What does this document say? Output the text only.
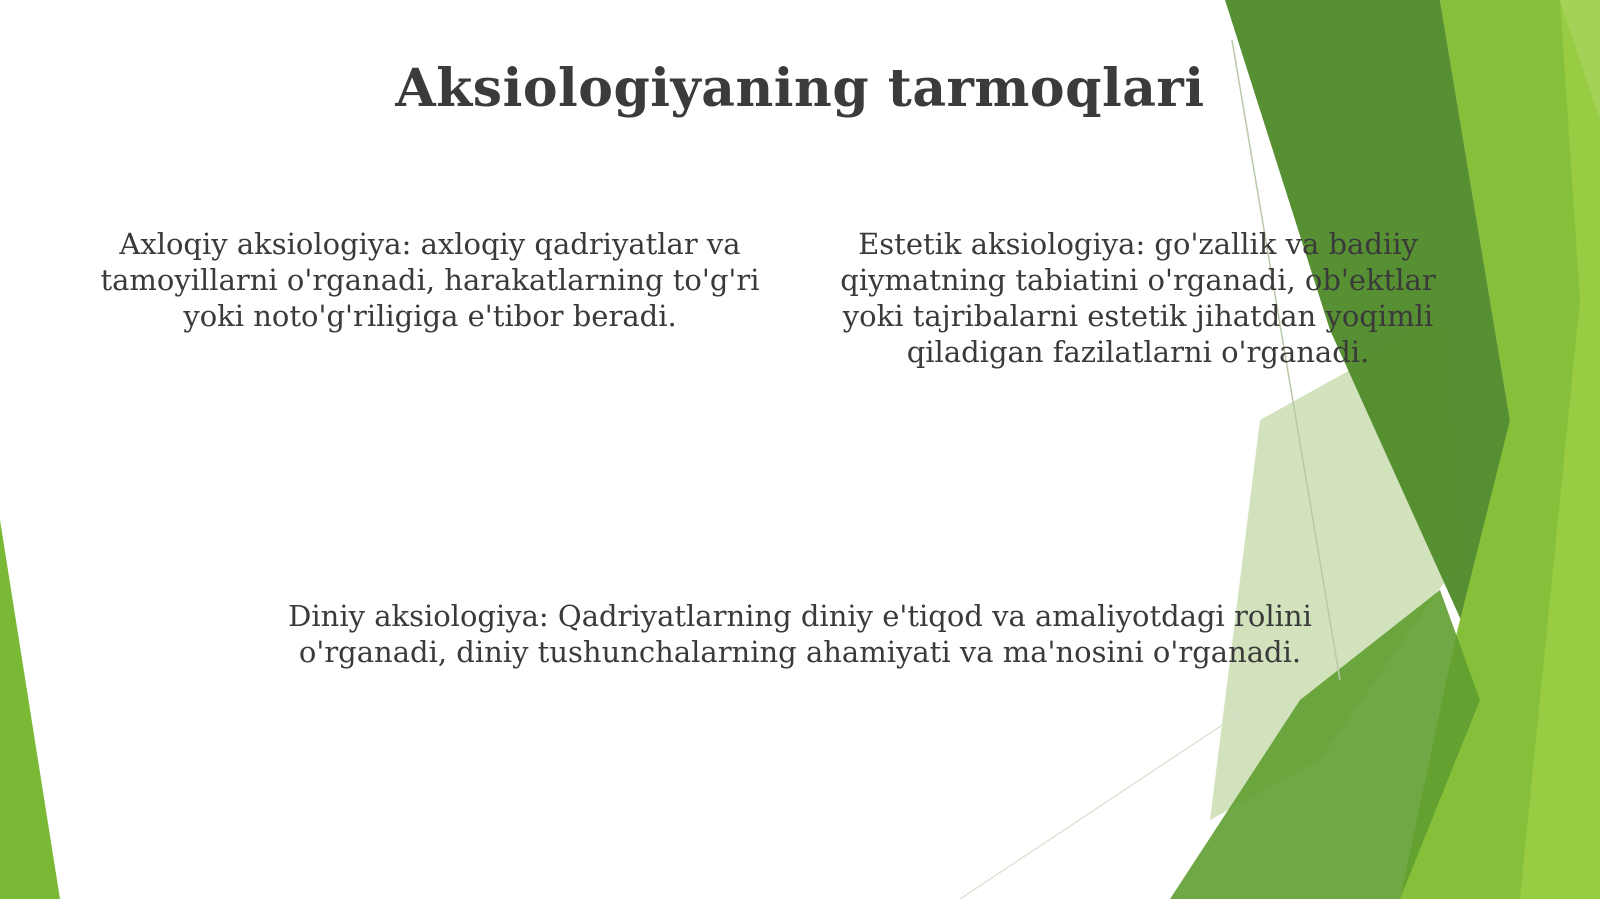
Aksiologiyaning tarmoqlari

Axloqiy aksiologiya: axloqiy qadriyatlar va tamoyillarni o'rganadi, harakatlarning to'g'ri yoki noto'g'riligiga e'tibor beradi.

Estetik aksiologiya: go'zallik va badiiy qiymatning tabiatini o'rganadi, ob'ektlar yoki tajribalarni estetik jihatdan yoqimli qiladigan fazilatlarni o'rganadi.

Diniy aksiologiya: Qadriyatlarning diniy e'tiqod va amaliyotdagi rolini o'rganadi, diniy tushunchalarning ahamiyati va ma'nosini o'rganadi.
